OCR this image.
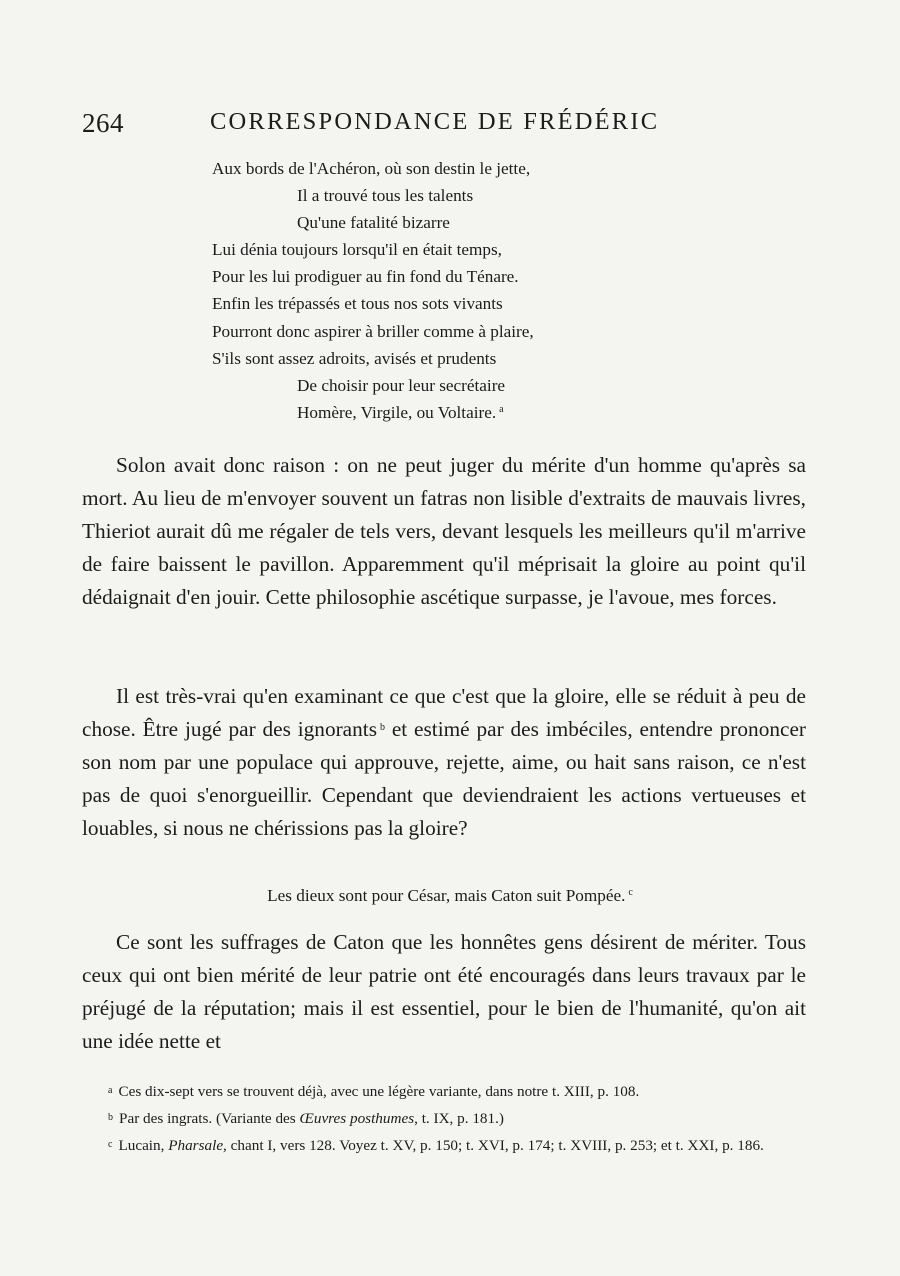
264	CORRESPONDANCE DE FRÉDÉRIC
Aux bords de l'Achéron, où son destin le jette,
Il a trouvé tous les talents
Qu'une fatalité bizarre
Lui dénia toujours lorsqu'il en était temps,
Pour les lui prodiguer au fin fond du Ténare.
Enfin les trépassés et tous nos sots vivants
Pourront donc aspirer à briller comme à plaire,
S'ils sont assez adroits, avisés et prudents
De choisir pour leur secrétaire
Homère, Virgile, ou Voltaire. $^a$

Solon avait donc raison : on ne peut juger du mérite d'un homme qu'après sa mort. Au lieu de m'envoyer souvent un fatras non lisible d'extraits de mauvais livres, Thieriot aurait dû me régaler de tels vers, devant lesquels les meilleurs qu'il m'arrive de faire baissent le pavillon. Apparemment qu'il méprisait la gloire au point qu'il dédaignait d'en jouir. Cette philosophie ascétique surpasse, je l'avoue, mes forces.

Il est très-vrai qu'en examinant ce que c'est que la gloire, elle se réduit à peu de chose. Être jugé par des ignorants $^b$ et estimé par des imbéciles, entendre prononcer son nom par une populace qui approuve, rejette, aime, ou hait sans raison, ce n'est pas de quoi s'enorgueillir. Cependant que deviendraient les actions vertueuses et louables, si nous ne chérissions pas la gloire?

Les dieux sont pour César, mais Caton suit Pompée. $^c$

Ce sont les suffrages de Caton que les honnêtes gens désirent de mériter. Tous ceux qui ont bien mérité de leur patrie ont été encouragés dans leurs travaux par le préjugé de la réputation; mais il est essentiel, pour le bien de l'humanité, qu'on ait une idée nette et

a Ces dix-sept vers se trouvent déjà, avec une légère variante, dans notre t. XIII, p. 108.
b Par des ingrats. (Variante des Œuvres posthumes, t. IX, p. 181.)
c Lucain, Pharsale, chant I, vers 128. Voyez t. XV, p. 150; t. XVI, p. 174; t. XVIII, p. 253; et t. XXI, p. 186.
